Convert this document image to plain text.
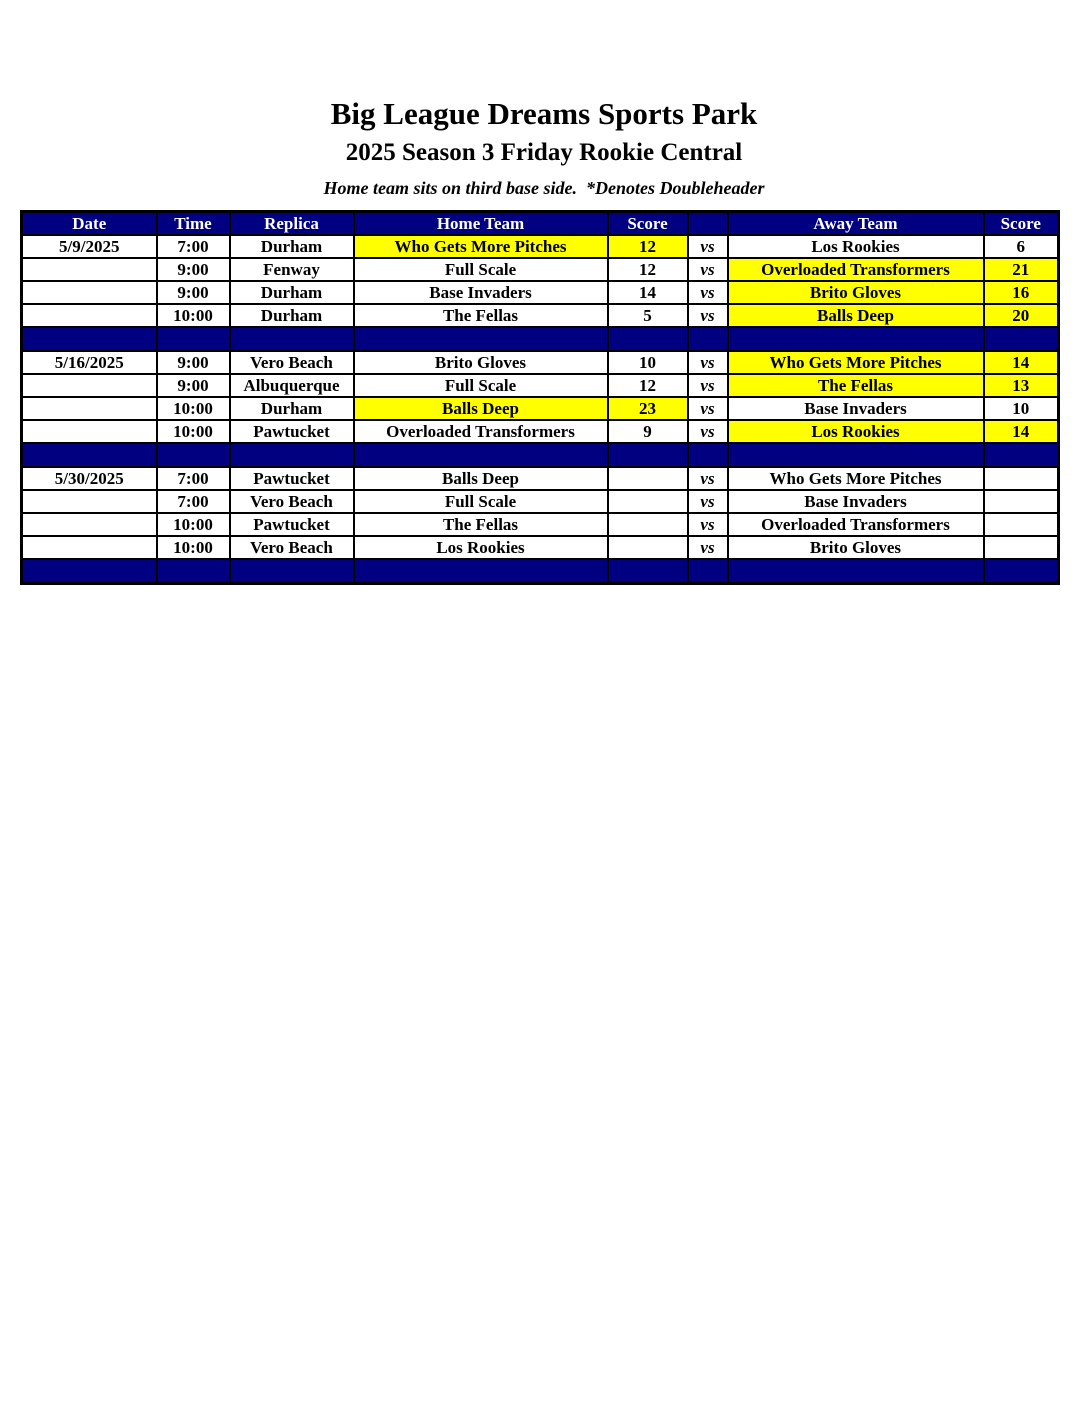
Big League Dreams Sports Park
2025 Season 3 Friday Rookie Central
Home team sits on third base side.  *Denotes Doubleheader
Date	Time	Replica	Home Team	Score		Away Team	Score
5/9/2025	7:00	Durham	Who Gets More Pitches	12	vs	Los Rookies	6
	9:00	Fenway	Full Scale	12	vs	Overloaded Transformers	21
	9:00	Durham	Base Invaders	14	vs	Brito Gloves	16
	10:00	Durham	The Fellas	5	vs	Balls Deep	20

5/16/2025	9:00	Vero Beach	Brito Gloves	10	vs	Who Gets More Pitches	14
	9:00	Albuquerque	Full Scale	12	vs	The Fellas	13
	10:00	Durham	Balls Deep	23	vs	Base Invaders	10
	10:00	Pawtucket	Overloaded Transformers	9	vs	Los Rookies	14

5/30/2025	7:00	Pawtucket	Balls Deep		vs	Who Gets More Pitches	
	7:00	Vero Beach	Full Scale		vs	Base Invaders	
	10:00	Pawtucket	The Fellas		vs	Overloaded Transformers	
	10:00	Vero Beach	Los Rookies		vs	Brito Gloves	
